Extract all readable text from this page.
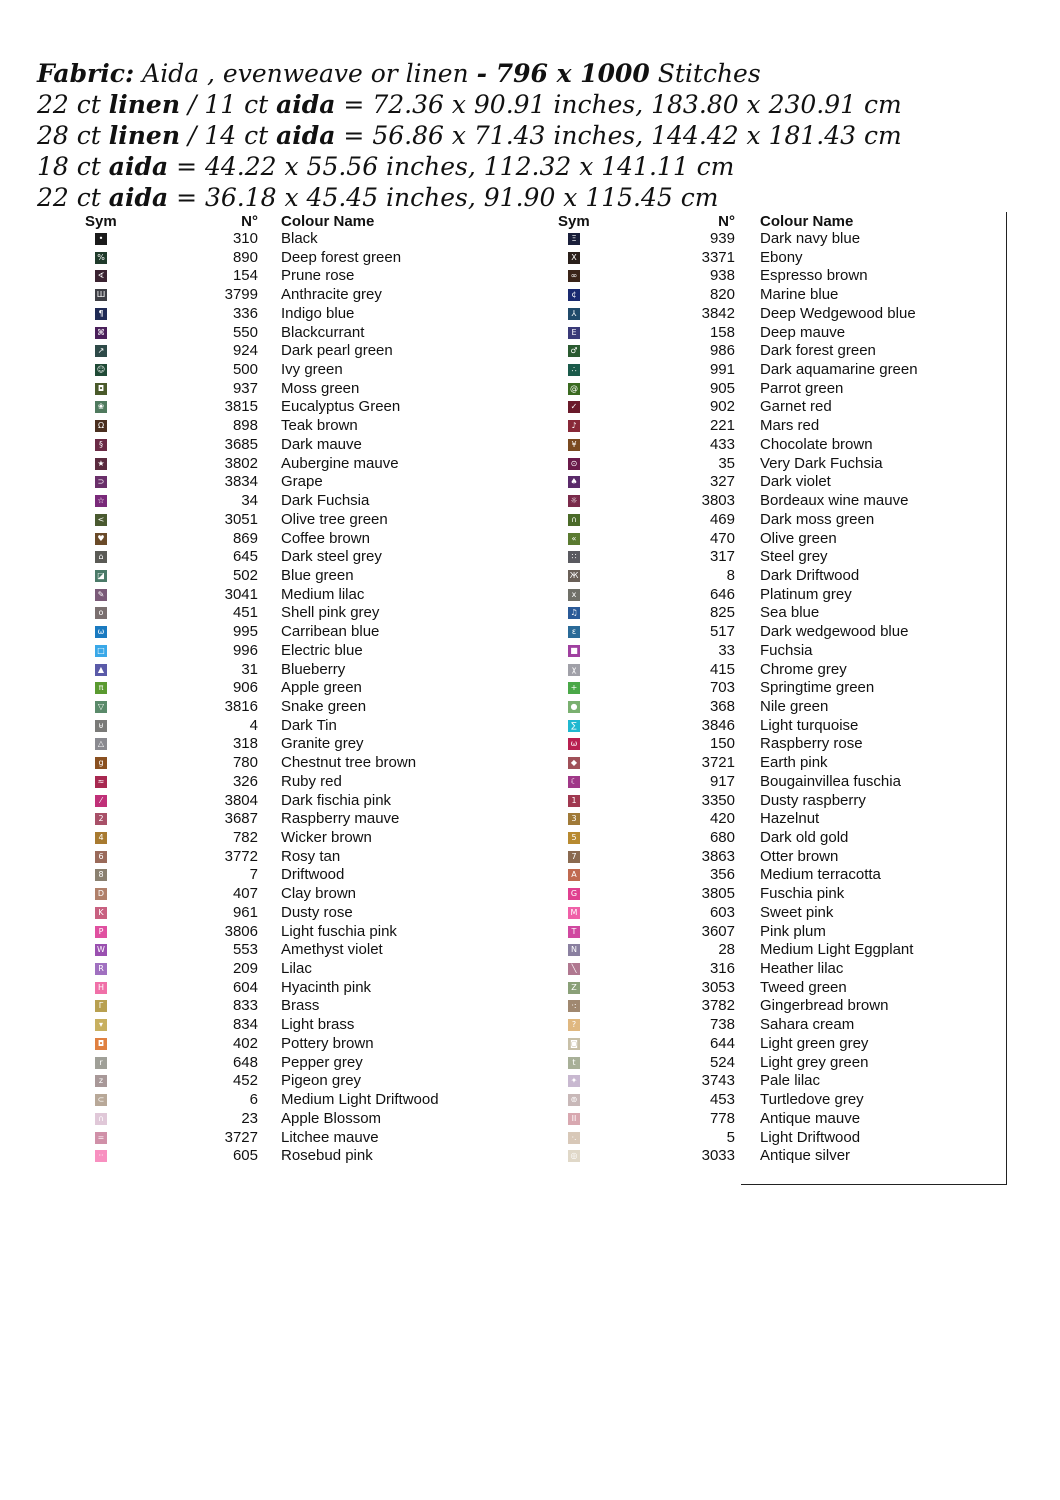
Fabric: Aida , evenweave or linen - 796 x 1000 Stitches
22 ct linen / 11 ct aida = 72.36 x 90.91 inches, 183.80 x 230.91 cm
28 ct linen / 14 ct aida = 56.86 x 71.43 inches, 144.42 x 181.43 cm
18 ct aida = 44.22 x 55.56 inches, 112.32 x 141.11 cm
22 ct aida = 36.18 x 45.45 inches, 91.90 x 115.45 cm
Sym	N° Colour Name
•	310 Black
%	890 Deep forest green
∢	154 Prune rose
Ш	3799 Anthracite grey
¶	336 Indigo blue
⌘	550 Blackcurrant
↗	924 Dark pearl green
☺	500 Ivy green
◘	937 Moss green
❀	3815 Eucalyptus Green
Ω	898 Teak brown
§	3685 Dark mauve
★	3802 Aubergine mauve
⊃	3834 Grape
☆	34 Dark Fuchsia
<	3051 Olive tree green
♥	869 Coffee brown
⌂	645 Dark steel grey
◪	502 Blue green
✎	3041 Medium lilac
o	451 Shell pink grey
ω	995 Carribean blue
□	996 Electric blue
▲	31 Blueberry
π	906 Apple green
▽	3816 Snake green
⊎	4 Dark Tin
△	318 Granite grey
g	780 Chestnut tree brown
≈	326 Ruby red
⁄	3804 Dark fischia pink
2	3687 Raspberry mauve
4	782 Wicker brown
6	3772 Rosy tan
8	7 Driftwood
D	407 Clay brown
K	961 Dusty rose
P	3806 Light fuschia pink
W	553 Amethyst violet
R	209 Lilac
H	604 Hyacinth pink
Γ	833 Brass
▾	834 Light brass
◘	402 Pottery brown
r	648 Pepper grey
z	452 Pigeon grey
⊂	6 Medium Light Driftwood
∩	23 Apple Blossom
=	3727 Litchee mauve
··	605 Rosebud pink
Sym	N° Colour Name
Ξ	939 Dark navy blue
X	3371 Ebony
∞	938 Espresso brown
¢	820 Marine blue
⅄	3842 Deep Wedgewood blue
Ε	158 Deep mauve
♂	986 Dark forest green
∴	991 Dark aquamarine green
@	905 Parrot green
✓	902 Garnet red
♪	221 Mars red
¥	433 Chocolate brown
⊙	35 Very Dark Fuchsia
♠	327 Dark violet
☼	3803 Bordeaux wine mauve
∩	469 Dark moss green
«	470 Olive green
∷	317 Steel grey
Ж	8 Dark Driftwood
x	646 Platinum grey
♫	825 Sea blue
ε	517 Dark wedgewood blue
■	33 Fuchsia
χ	415 Chrome grey
+	703 Springtime green
●	368 Nile green
∑	3846 Light turquoise
ω	150 Raspberry rose
◆	3721 Earth pink
☾	917 Bougainvillea fuschia
1	3350 Dusty raspberry
3	420 Hazelnut
5	680 Dark old gold
7	3863 Otter brown
A	356 Medium terracotta
G	3805 Fuschia pink
M	603 Sweet pink
T	3607 Pink plum
N	28 Medium Light Eggplant
╲	316 Heather lilac
Z	3053 Tweed green
·:	3782 Gingerbread brown
?	738 Sahara cream
◙	644 Light green grey
t	524 Light grey green
✦	3743 Pale lilac
⊚	453 Turtledove grey
II	778 Antique mauve
·.	5 Light Driftwood
◎	3033 Antique silver
